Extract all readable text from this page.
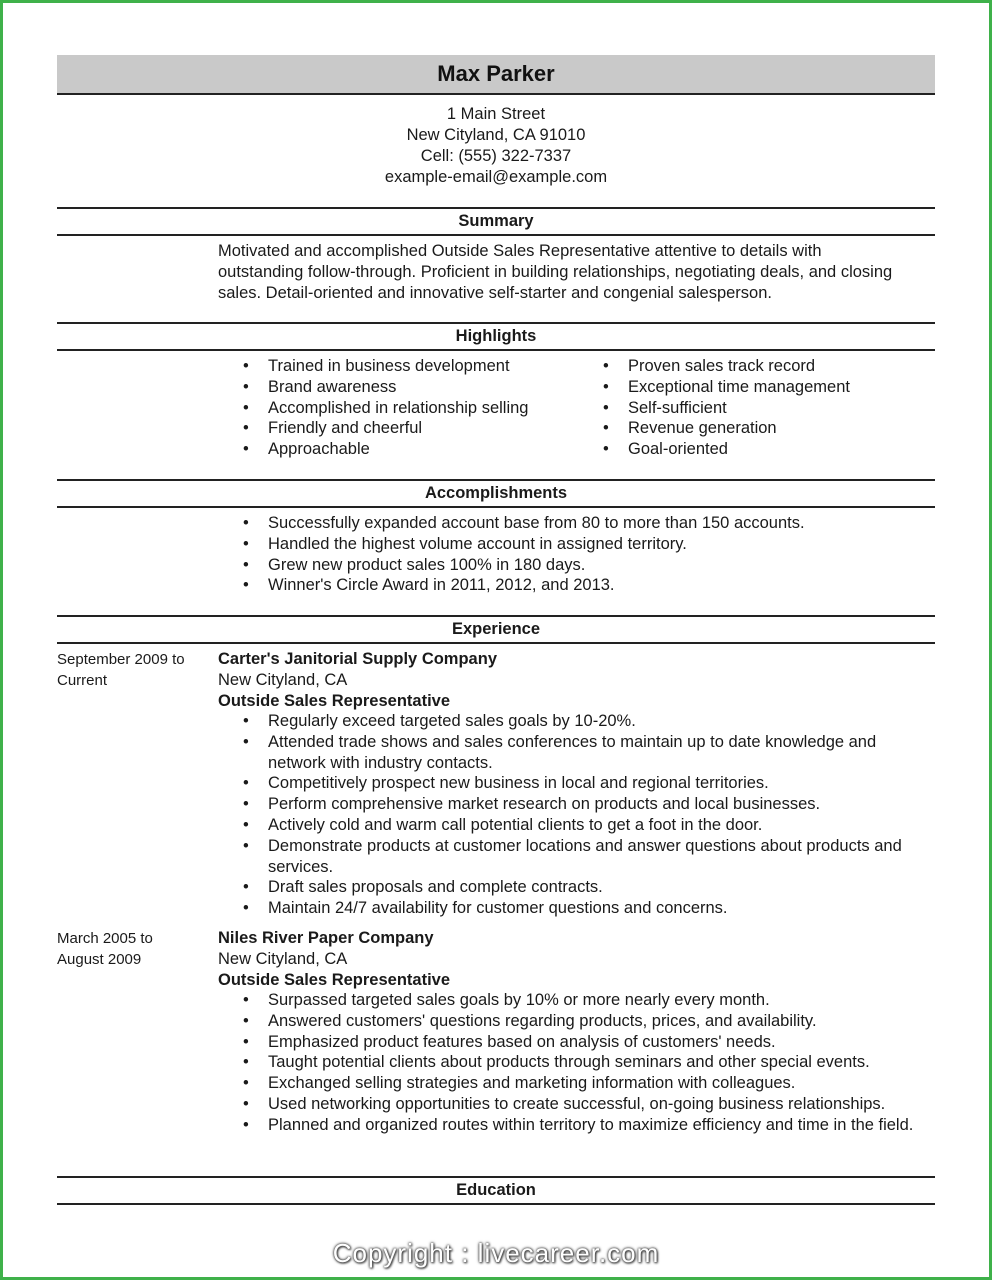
Max Parker
1 Main Street
New Cityland, CA 91010
Cell: (555) 322-7337
example-email@example.com
Summary
Motivated and accomplished Outside Sales Representative attentive to details with
outstanding follow-through. Proficient in building relationships, negotiating deals, and closing
sales. Detail-oriented and innovative self-starter and congenial salesperson.
Highlights
• Trained in business development
• Brand awareness
• Accomplished in relationship selling
• Friendly and cheerful
• Approachable
• Proven sales track record
• Exceptional time management
• Self-sufficient
• Revenue generation
• Goal-oriented
Accomplishments
• Successfully expanded account base from 80 to more than 150 accounts.
• Handled the highest volume account in assigned territory.
• Grew new product sales 100% in 180 days.
• Winner's Circle Award in 2011, 2012, and 2013.
Experience
September 2009 to
Current
Carter's Janitorial Supply Company
New Cityland, CA
Outside Sales Representative
• Regularly exceed targeted sales goals by 10-20%.
• Attended trade shows and sales conferences to maintain up to date knowledge and network with industry contacts.
• Competitively prospect new business in local and regional territories.
• Perform comprehensive market research on products and local businesses.
• Actively cold and warm call potential clients to get a foot in the door.
• Demonstrate products at customer locations and answer questions about products and services.
• Draft sales proposals and complete contracts.
• Maintain 24/7 availability for customer questions and concerns.
March 2005 to
August 2009
Niles River Paper Company
New Cityland, CA
Outside Sales Representative
• Surpassed targeted sales goals by 10% or more nearly every month.
• Answered customers' questions regarding products, prices, and availability.
• Emphasized product features based on analysis of customers' needs.
• Taught potential clients about products through seminars and other special events.
• Exchanged selling strategies and marketing information with colleagues.
• Used networking opportunities to create successful, on-going business relationships.
• Planned and organized routes within territory to maximize efficiency and time in the field.
Education
Copyright : livecareer.com
